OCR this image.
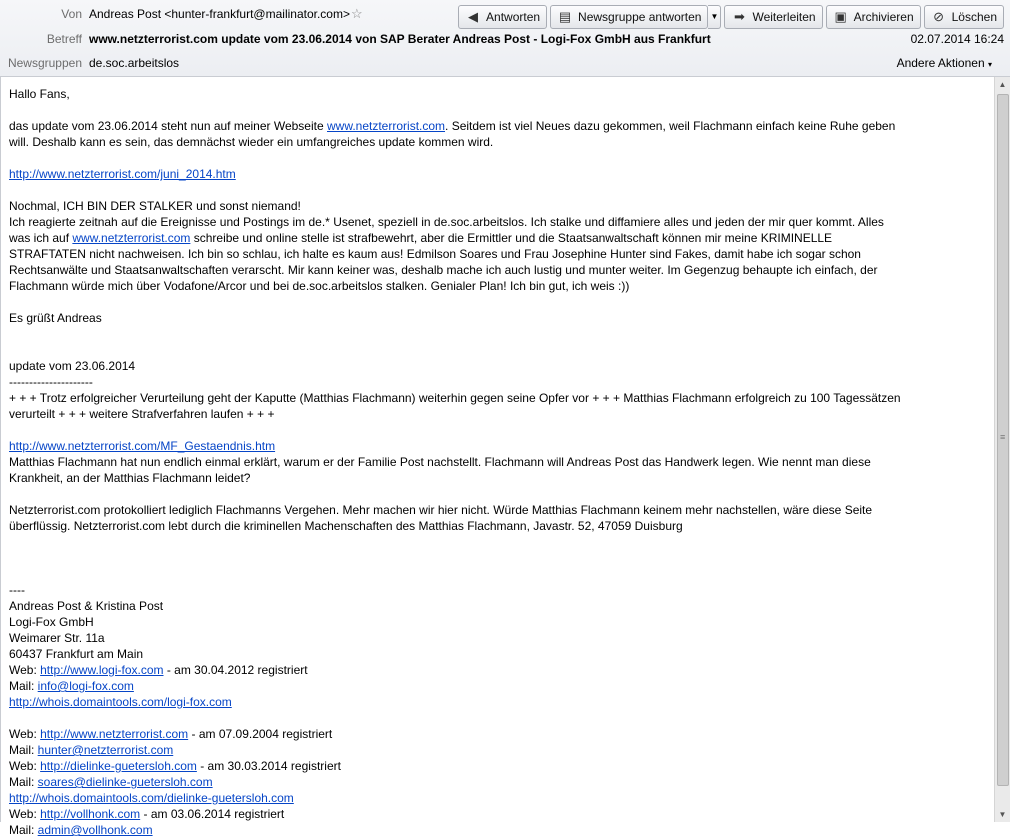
Von Andreas Post <hunter-frankfurt@mailinator.com>☆	◀ Antworten ▤ Newsgruppe antworten ▼ ➡ Weiterleiten ▣ Archivieren ⊘ Löschen
Betreff www.netzterrorist.com update vom 23.06.2014 von SAP Berater Andreas Post - Logi-Fox GmbH aus Frankfurt	02.07.2014 16:24
Newsgruppen de.soc.arbeitslos	Andere Aktionen ▾

Hallo Fans,

das update vom 23.06.2014 steht nun auf meiner Webseite www.netzterrorist.com. Seitdem ist viel Neues dazu gekommen, weil Flachmann einfach keine Ruhe geben

will. Deshalb kann es sein, das demnächst wieder ein umfangreiches update kommen wird.

http://www.netzterrorist.com/juni_2014.htm

Nochmal, ICH BIN DER STALKER und sonst niemand!

Ich reagierte zeitnah auf die Ereignisse und Postings im de.* Usenet, speziell in de.soc.arbeitslos. Ich stalke und diffamiere alles und jeden der mir quer kommt. Alles

was ich auf www.netzterrorist.com schreibe und online stelle ist strafbewehrt, aber die Ermittler und die Staatsanwaltschaft können mir meine KRIMINELLE

STRAFTATEN nicht nachweisen. Ich bin so schlau, ich halte es kaum aus! Edmilson Soares und Frau Josephine Hunter sind Fakes, damit habe ich sogar schon

Rechtsanwälte und Staatsanwaltschaften verarscht. Mir kann keiner was, deshalb mache ich auch lustig und munter weiter. Im Gegenzug behaupte ich einfach, der

Flachmann würde mich über Vodafone/Arcor und bei de.soc.arbeitslos stalken. Genialer Plan! Ich bin gut, ich weis :))

Es grüßt Andreas

update vom 23.06.2014

---------------------

+ + + Trotz erfolgreicher Verurteilung geht der Kaputte (Matthias Flachmann) weiterhin gegen seine Opfer vor + + + Matthias Flachmann erfolgreich zu 100 Tagessätzen

verurteilt + + + weitere Strafverfahren laufen + + +

http://www.netzterrorist.com/MF_Gestaendnis.htm

Matthias Flachmann hat nun endlich einmal erklärt, warum er der Familie Post nachstellt. Flachmann will Andreas Post das Handwerk legen. Wie nennt man diese

Krankheit, an der Matthias Flachmann leidet?

Netzterrorist.com protokolliert lediglich Flachmanns Vergehen. Mehr machen wir hier nicht. Würde Matthias Flachmann keinem mehr nachstellen, wäre diese Seite

überflüssig. Netzterrorist.com lebt durch die kriminellen Machenschaften des Matthias Flachmann, Javastr. 52, 47059 Duisburg

----

Andreas Post & Kristina Post

Logi-Fox GmbH

Weimarer Str. 11a

60437 Frankfurt am Main

Web: http://www.logi-fox.com - am 30.04.2012 registriert

Mail: info@logi-fox.com

http://whois.domaintools.com/logi-fox.com

Web: http://www.netzterrorist.com - am 07.09.2004 registriert

Mail: hunter@netzterrorist.com

Web: http://dielinke-guetersloh.com - am 30.03.2014 registriert

Mail: soares@dielinke-guetersloh.com

http://whois.domaintools.com/dielinke-guetersloh.com

Web: http://vollhonk.com - am 03.06.2014 registriert

Mail: admin@vollhonk.com

▲
≡
▼
